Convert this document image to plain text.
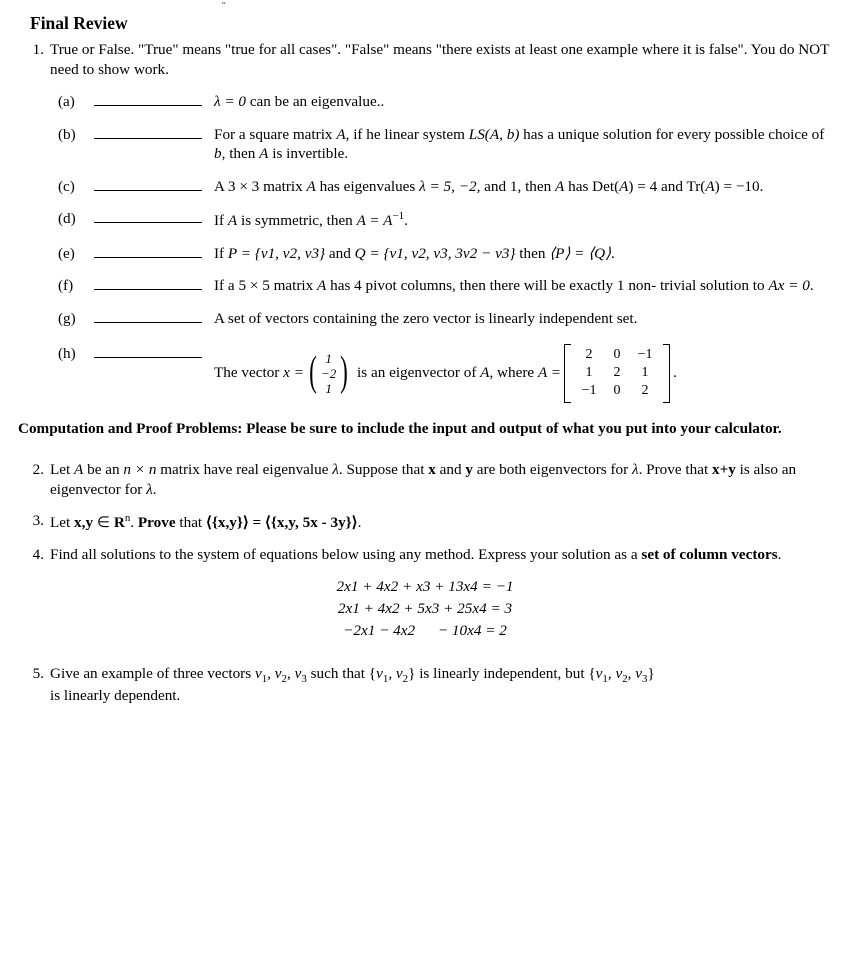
˝
Final Review
1. True or False. "True" means "true for all cases". "False" means "there exists at least one example where it is false". You do NOT need to show work.
(a)	λ = 0 can be an eigenvalue..
(b)	For a square matrix A, if he linear system LS(A, b) has a unique solution for every possible choice of b, then A is invertible.
(c)	A 3 × 3 matrix A has eigenvalues λ = 5, −2, and 1, then A has Det(A) = 4 and Tr(A) = −10.
(d)	If A is symmetric, then $A = A^{-1}$.
(e)	If P = {v1, v2, v3} and Q = {v1, v2, v3, 3v2 − v3} then ⟨P⟩ = ⟨Q⟩.
(f)	If a 5 × 5 matrix A has 4 pivot columns, then there will be exactly 1 non- trivial solution to Ax = 0.
(g)	A set of vectors containing the zero vector is linearly independent set.
(h)
The vector x = ( 1
−2
1 ) is an eigenvector of A, where A =
2	0	−1
1	2	1
−1	0	2
.
Computation and Proof Problems: Please be sure to include the input and output of what you put into your calculator.
2. Let A be an n × n matrix have real eigenvalue λ. Suppose that x and y are both eigenvectors for λ. Prove that x+y is also an eigenvector for λ.
3. Let x,y ∈ $R^n$. Prove that ⟨{x,y}⟩ = ⟨{x,y, 5x - 3y}⟩.
4. Find all solutions to the system of equations below using any method. Express your solution as a set of column vectors.
2x1 + 4x2 + x3 + 13x4 = −1
2x1 + 4x2 + 5x3 + 25x4 = 3
−2x1 − 4x2      − 10x4 = 2
5. Give an example of three vectors $v_1$, $v_2$, $v_3$ such that {$v_1$, $v_2$} is linearly independent, but {$v_1$, $v_2$, $v_3$}
is linearly dependent.
